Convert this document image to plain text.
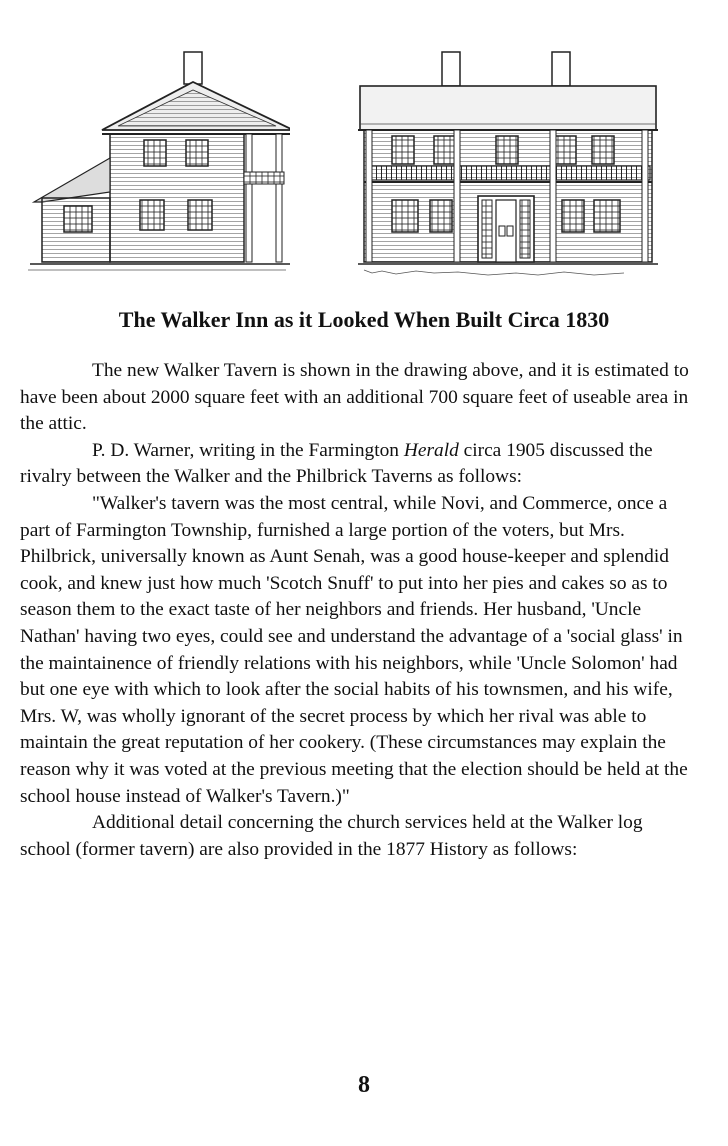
The Walker Inn as it Looked When Built Circa 1830

The new Walker Tavern is shown in the drawing above, and it is estimated to have been about 2000 square feet with an additional 700 square feet of useable area in the attic.

P. D. Warner, writing in the Farmington Herald circa 1905 discussed the rivalry between the Walker and the Philbrick Taverns as follows:

"Walker's tavern was the most central, while Novi, and Commerce, once a part of Farmington Township, furnished a large portion of the voters, but Mrs. Philbrick, universally known as Aunt Senah, was a good house-keeper and splendid cook, and knew just how much 'Scotch Snuff' to put into her pies and cakes so as to season them to the exact taste of her neighbors and friends. Her husband, 'Uncle Nathan' having two eyes, could see and understand the advantage of a 'social glass' in the maintainence of friendly relations with his neighbors, while 'Uncle Solomon' had but one eye with which to look after the social habits of his townsmen, and his wife, Mrs. W, was wholly ignorant of the secret process by which her rival was able to maintain the great reputation of her cookery. (These circumstances may explain the reason why it was voted at the previous meeting that the election should be held at the school house instead of Walker's Tavern.)"

Additional detail concerning the church services held at the Walker log school (former tavern) are also provided in the 1877 History as follows:

8
